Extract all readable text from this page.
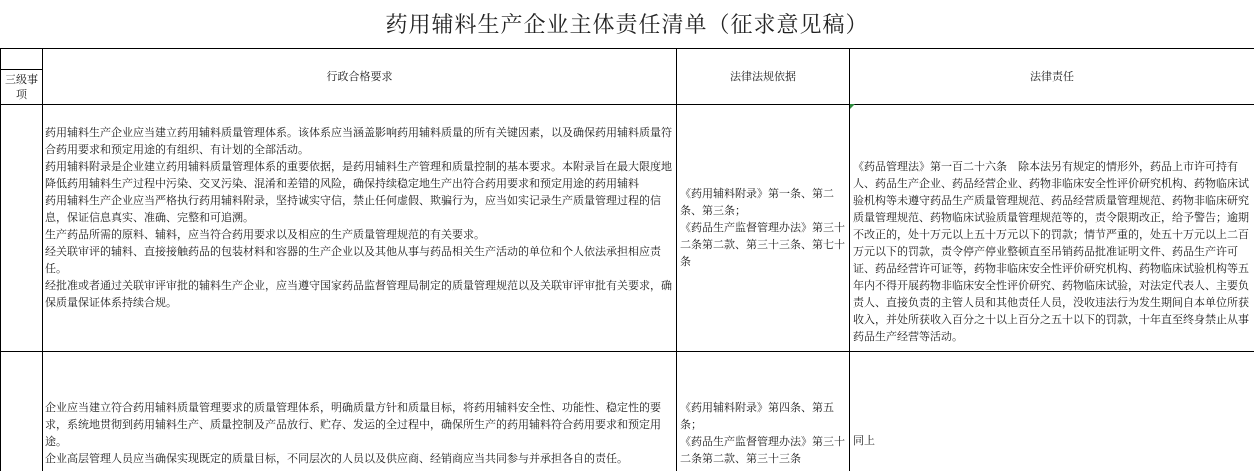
药用辅料生产企业主体责任清单（征求意见稿）
三级事项
行政合格要求	法律法规依据	法律责任

药用辅料生产企业应当建立药用辅料质量管理体系。该体系应当涵盖影响药用辅料质量的所有关键因素，以及确保药用辅料质量符合药用要求和预定用途的有组织、有计划的全部活动。

药用辅料附录是企业建立药用辅料质量管理体系的重要依据，是药用辅料生产管理和质量控制的基本要求。本附录旨在最大限度地降低药用辅料生产过程中污染、交叉污染、混淆和差错的风险，确保持续稳定地生产出符合药用要求和预定用途的药用辅料

药用辅料生产企业应当严格执行药用辅料附录，坚持诚实守信，禁止任何虚假、欺骗行为，应当如实记录生产质量管理过程的信息，保证信息真实、准确、完整和可追溯。

生产药品所需的原料、辅料，应当符合药用要求以及相应的生产质量管理规范的有关要求。

经关联审评的辅料、直接接触药品的包装材料和容器的生产企业以及其他从事与药品相关生产活动的单位和个人依法承担相应责任。

经批准或者通过关联审评审批的辅料生产企业，应当遵守国家药品监督管理局制定的质量管理规范以及关联审评审批有关要求，确保质量保证体系持续合规。

《药用辅料附录》第一条、第二条、第三条；

《药品生产监督管理办法》第三十二条第二款、第三十三条、第七十条

《药品管理法》第一百二十六条　除本法另有规定的情形外，药品上市许可持有人、药品生产企业、药品经营企业、药物非临床安全性评价研究机构、药物临床试验机构等未遵守药品生产质量管理规范、药品经营质量管理规范、药物非临床研究质量管理规范、药物临床试验质量管理规范等的，责令限期改正，给予警告；逾期不改正的，处十万元以上五十万元以下的罚款；情节严重的，处五十万元以上二百万元以下的罚款，责令停产停业整顿直至吊销药品批准证明文件、药品生产许可证、药品经营许可证等，药物非临床安全性评价研究机构、药物临床试验机构等五年内不得开展药物非临床安全性评价研究、药物临床试验，对法定代表人、主要负责人、直接负责的主管人员和其他责任人员，没收违法行为发生期间自本单位所获收入，并处所获收入百分之十以上百分之五十以下的罚款，十年直至终身禁止从事药品生产经营等活动。

企业应当建立符合药用辅料质量管理要求的质量管理体系，明确质量方针和质量目标，将药用辅料安全性、功能性、稳定性的要求，系统地贯彻到药用辅料生产、质量控制及产品放行、贮存、发运的全过程中，确保所生产的药用辅料符合药用要求和预定用途。

企业高层管理人员应当确保实现既定的质量目标，不同层次的人员以及供应商、经销商应当共同参与并承担各自的责任。

《药用辅料附录》第四条、第五条；

《药品生产监督管理办法》第三十二条第二款、第三十三条

同上
